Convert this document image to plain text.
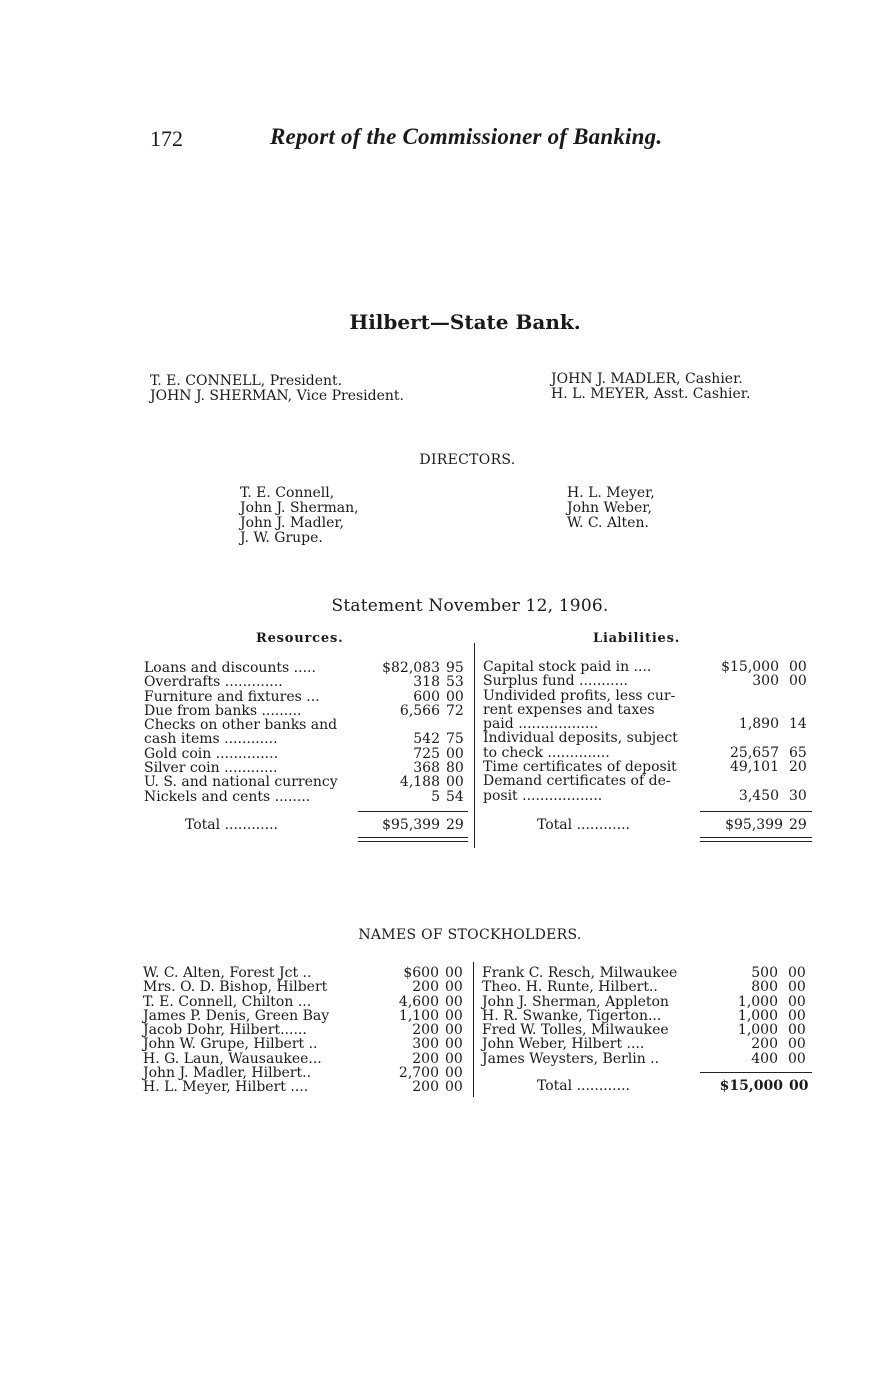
172	Report of the Commissioner of Banking.
Hilbert—State Bank.
T. E. CONNELL, President.
JOHN J. SHERMAN, Vice President.
JOHN J. MADLER, Cashier.
H. L. MEYER, Asst. Cashier.
DIRECTORS.
T. E. Connell,
John J. Sherman,
John J. Madler,
J. W. Grupe.
H. L. Meyer,
John Weber,
W. C. Alten.
Statement November 12, 1906.
Resources.	Liabilities.
Loans and discounts .....	$82,083 95
Overdrafts .............	318 53
Furniture and fixtures ...	600 00
Due from banks .........	6,566 72
Checks on other banks and
cash items ............	542 75
Gold coin ..............	725 00
Silver coin ............	368 80
U. S. and national currency	4,188 00
Nickels and cents ........	5 54
Capital stock paid in ....	$15,000 00
Surplus fund ...........	300 00
Undivided profits, less cur-
rent expenses and taxes
paid ..................	1,890 14
Individual deposits, subject
to check ..............	25,657 65
Time certificates of deposit	49,101 20
Demand certificates of de-
posit ..................	3,450 30
Total ............	$95,399 29	Total ............	$95,399 29
NAMES OF STOCKHOLDERS.
W. C. Alten, Forest Jct ..	$600 00
Mrs. O. D. Bishop, Hilbert	200 00
T. E. Connell, Chilton ...	4,600 00
James P. Denis, Green Bay	1,100 00
Jacob Dohr, Hilbert......	200 00
John W. Grupe, Hilbert ..	300 00
H. G. Laun, Wausaukee...	200 00
John J. Madler, Hilbert..	2,700 00
H. L. Meyer, Hilbert ....	200 00
Frank C. Resch, Milwaukee	500 00
Theo. H. Runte, Hilbert..	800 00
John J. Sherman, Appleton	1,000 00
H. R. Swanke, Tigerton...	1,000 00
Fred W. Tolles, Milwaukee	1,000 00
John Weber, Hilbert ....	200 00
James Weysters, Berlin ..	400 00
Total ............	$15,000 00
